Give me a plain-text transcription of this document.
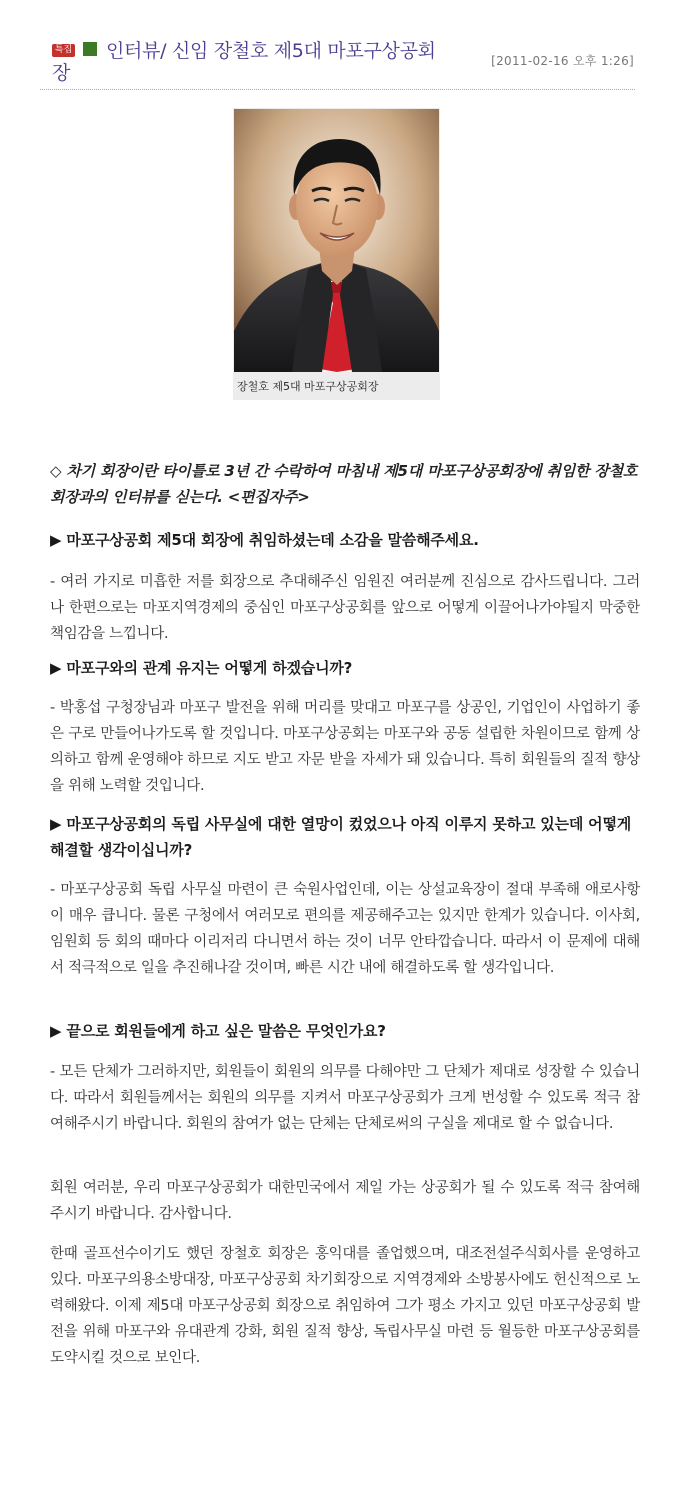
특집 인터뷰/ 신임 장철호 제5대 마포구상공회
장
[2011-02-16 오후 1:26]
장철호 제5대 마포구상공회장
◇ 차기 회장이란 타이틀로 3년 간 수락하여 마침내 제5대 마포구상공회장에 취임한 장철호 회장과의 인터뷰를 싣는다. <편집자주>
▶ 마포구상공회 제5대 회장에 취임하셨는데 소감을 말씀해주세요.
- 여러 가지로 미흡한 저를 회장으로 추대해주신 임원진 여러분께 진심으로 감사드립니다. 그러나 한편으로는 마포지역경제의 중심인 마포구상공회를 앞으로 어떻게 이끌어나가야될지 막중한 책임감을 느낍니다.
▶ 마포구와의 관계 유지는 어떻게 하겠습니까?
- 박홍섭 구청장님과 마포구 발전을 위해 머리를 맞대고 마포구를 상공인, 기업인이 사업하기 좋은 구로 만들어나가도록 할 것입니다. 마포구상공회는 마포구와 공동 설립한 차원이므로 함께 상의하고 함께 운영해야 하므로 지도 받고 자문 받을 자세가 돼 있습니다. 특히 회원들의 질적 향상을 위해 노력할 것입니다.
▶ 마포구상공회의 독립 사무실에 대한 열망이 컸었으나 아직 이루지 못하고 있는데 어떻게 해결할 생각이십니까?
- 마포구상공회 독립 사무실 마련이 큰 숙원사업인데, 이는 상설교육장이 절대 부족해 애로사항이 매우 큽니다. 물론 구청에서 여러모로 편의를 제공해주고는 있지만 한계가 있습니다. 이사회, 임원회 등 회의 때마다 이리저리 다니면서 하는 것이 너무 안타깝습니다. 따라서 이 문제에 대해서 적극적으로 일을 추진해나갈 것이며, 빠른 시간 내에 해결하도록 할 생각입니다.
▶ 끝으로 회원들에게 하고 싶은 말씀은 무엇인가요?
- 모든 단체가 그러하지만, 회원들이 회원의 의무를 다해야만 그 단체가 제대로 성장할 수 있습니다. 따라서 회원들께서는 회원의 의무를 지켜서 마포구상공회가 크게 번성할 수 있도록 적극 참여해주시기 바랍니다. 회원의 참여가 없는 단체는 단체로써의 구실을 제대로 할 수 없습니다.
회원 여러분, 우리 마포구상공회가 대한민국에서 제일 가는 상공회가 될 수 있도록 적극 참여해주시기 바랍니다. 감사합니다.
한때 골프선수이기도 했던 장철호 회장은 홍익대를 졸업했으며, 대조전설주식회사를 운영하고 있다. 마포구의용소방대장, 마포구상공회 차기회장으로 지역경제와 소방봉사에도 헌신적으로 노력해왔다. 이제 제5대 마포구상공회 회장으로 취임하여 그가 평소 가지고 있던 마포구상공회 발전을 위해 마포구와 유대관계 강화, 회원 질적 향상, 독립사무실 마련 등 월등한 마포구상공회를 도약시킬 것으로 보인다.
